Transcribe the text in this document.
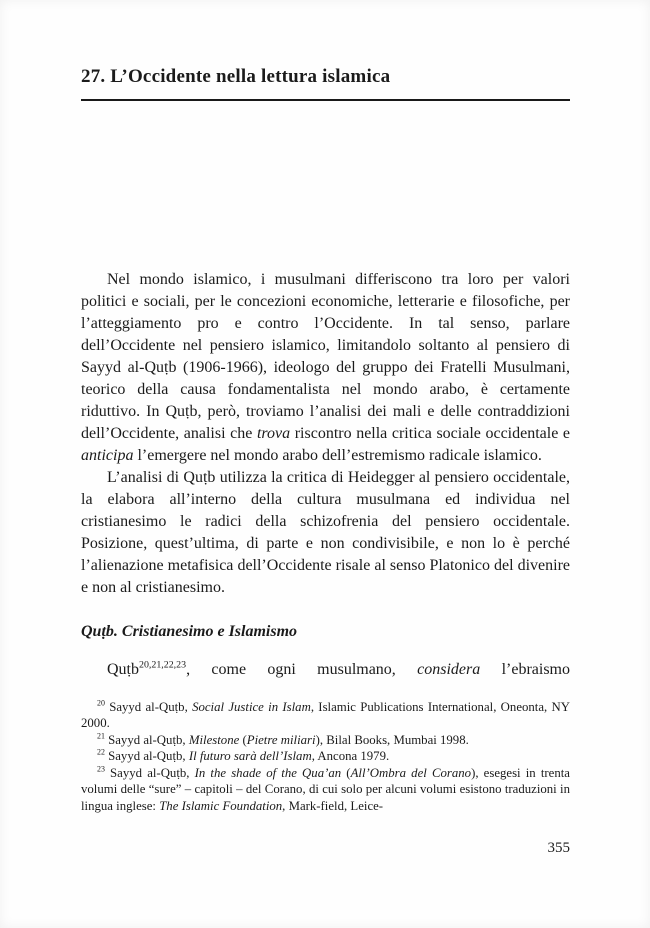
27. L’Occidente nella lettura islamica

Nel mondo islamico, i musulmani differiscono tra loro per valori politici e sociali, per le concezioni economiche, letterarie e filosofiche, per l’atteggiamento pro e contro l’Occidente. In tal senso, parlare dell’Occidente nel pensiero islamico, limitandolo soltanto al pensiero di Sayyd al-Quṭb (1906-1966), ideologo del gruppo dei Fratelli Musulmani, teorico della causa fondamentalista nel mondo arabo, è certamente riduttivo. In Quṭb, però, troviamo l’analisi dei mali e delle contraddizioni dell’Occidente, analisi che trova riscontro nella critica sociale occidentale e anticipa l’emergere nel mondo arabo dell’estremismo radicale islamico.

L’analisi di Quṭb utilizza la critica di Heidegger al pensiero occidentale, la elabora all’interno della cultura musulmana ed individua nel cristianesimo le radici della schizofrenia del pensiero occidentale. Posizione, quest’ultima, di parte e non condivisibile, e non lo è perché l’alienazione metafisica dell’Occidente risale al senso Platonico del divenire e non al cristianesimo.

Quṭb. Cristianesimo e Islamismo

Quṭb$^{20,21,22,23}$, come ogni musulmano, considera l’ebraismo

$^{20}$ Sayyd al-Quṭb, Social Justice in Islam, Islamic Publications International, Oneonta, NY 2000.

$^{21}$ Sayyd al-Quṭb, Milestone (Pietre miliari), Bilal Books, Mumbai 1998.

$^{22}$ Sayyd al-Quṭb, Il futuro sarà dell’Islam, Ancona 1979.

$^{23}$ Sayyd al-Quṭb, In the shade of the Qua’an (All’Ombra del Corano), esegesi in trenta volumi delle “sure” – capitoli – del Corano, di cui solo per alcuni volumi esistono traduzioni in lingua inglese: The Islamic Foundation, Mark-field, Leice-

355
